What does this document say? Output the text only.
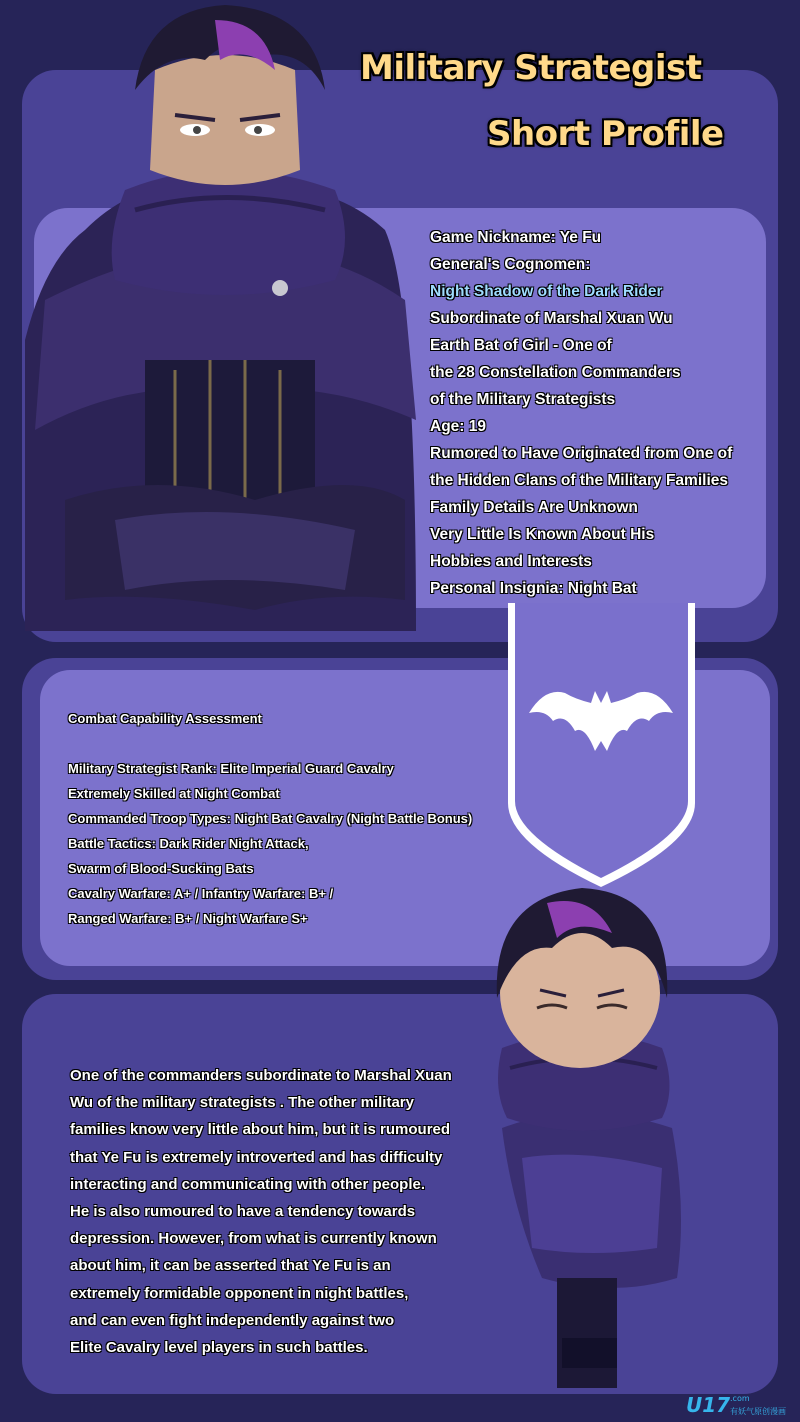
Military Strategist
Short Profile
Game Nickname: Ye Fu
General's Cognomen:
Night Shadow of the Dark Rider
Subordinate of Marshal Xuan Wu
Earth Bat of Girl - One of
the 28 Constellation Commanders
of the Military Strategists
Age: 19
Rumored to Have Originated from One of
the Hidden Clans of the Military Families
Family Details Are Unknown
Very Little Is Known About His
Hobbies and Interests
Personal Insignia: Night Bat
Combat Capability Assessment
Military Strategist Rank: Elite Imperial Guard Cavalry
Extremely Skilled at Night Combat
Commanded Troop Types: Night Bat Cavalry (Night Battle Bonus)
Battle Tactics: Dark Rider Night Attack,
Swarm of Blood-Sucking Bats
Cavalry Warfare: A+ / Infantry Warfare: B+ /
Ranged Warfare: B+ / Night Warfare S+
One of the commanders subordinate to Marshal Xuan
Wu of the military strategists . The other military
families know very little about him, but it is rumoured
that Ye Fu is extremely introverted and has difficulty
interacting and communicating with other people.
He is also rumoured to have a tendency towards
depression. However, from what is currently known
about him, it can be asserted that Ye Fu is an
extremely formidable opponent in night battles,
and can even fight independently against two
Elite Cavalry level players in such battles.
U17 .com
有妖气原创漫画
